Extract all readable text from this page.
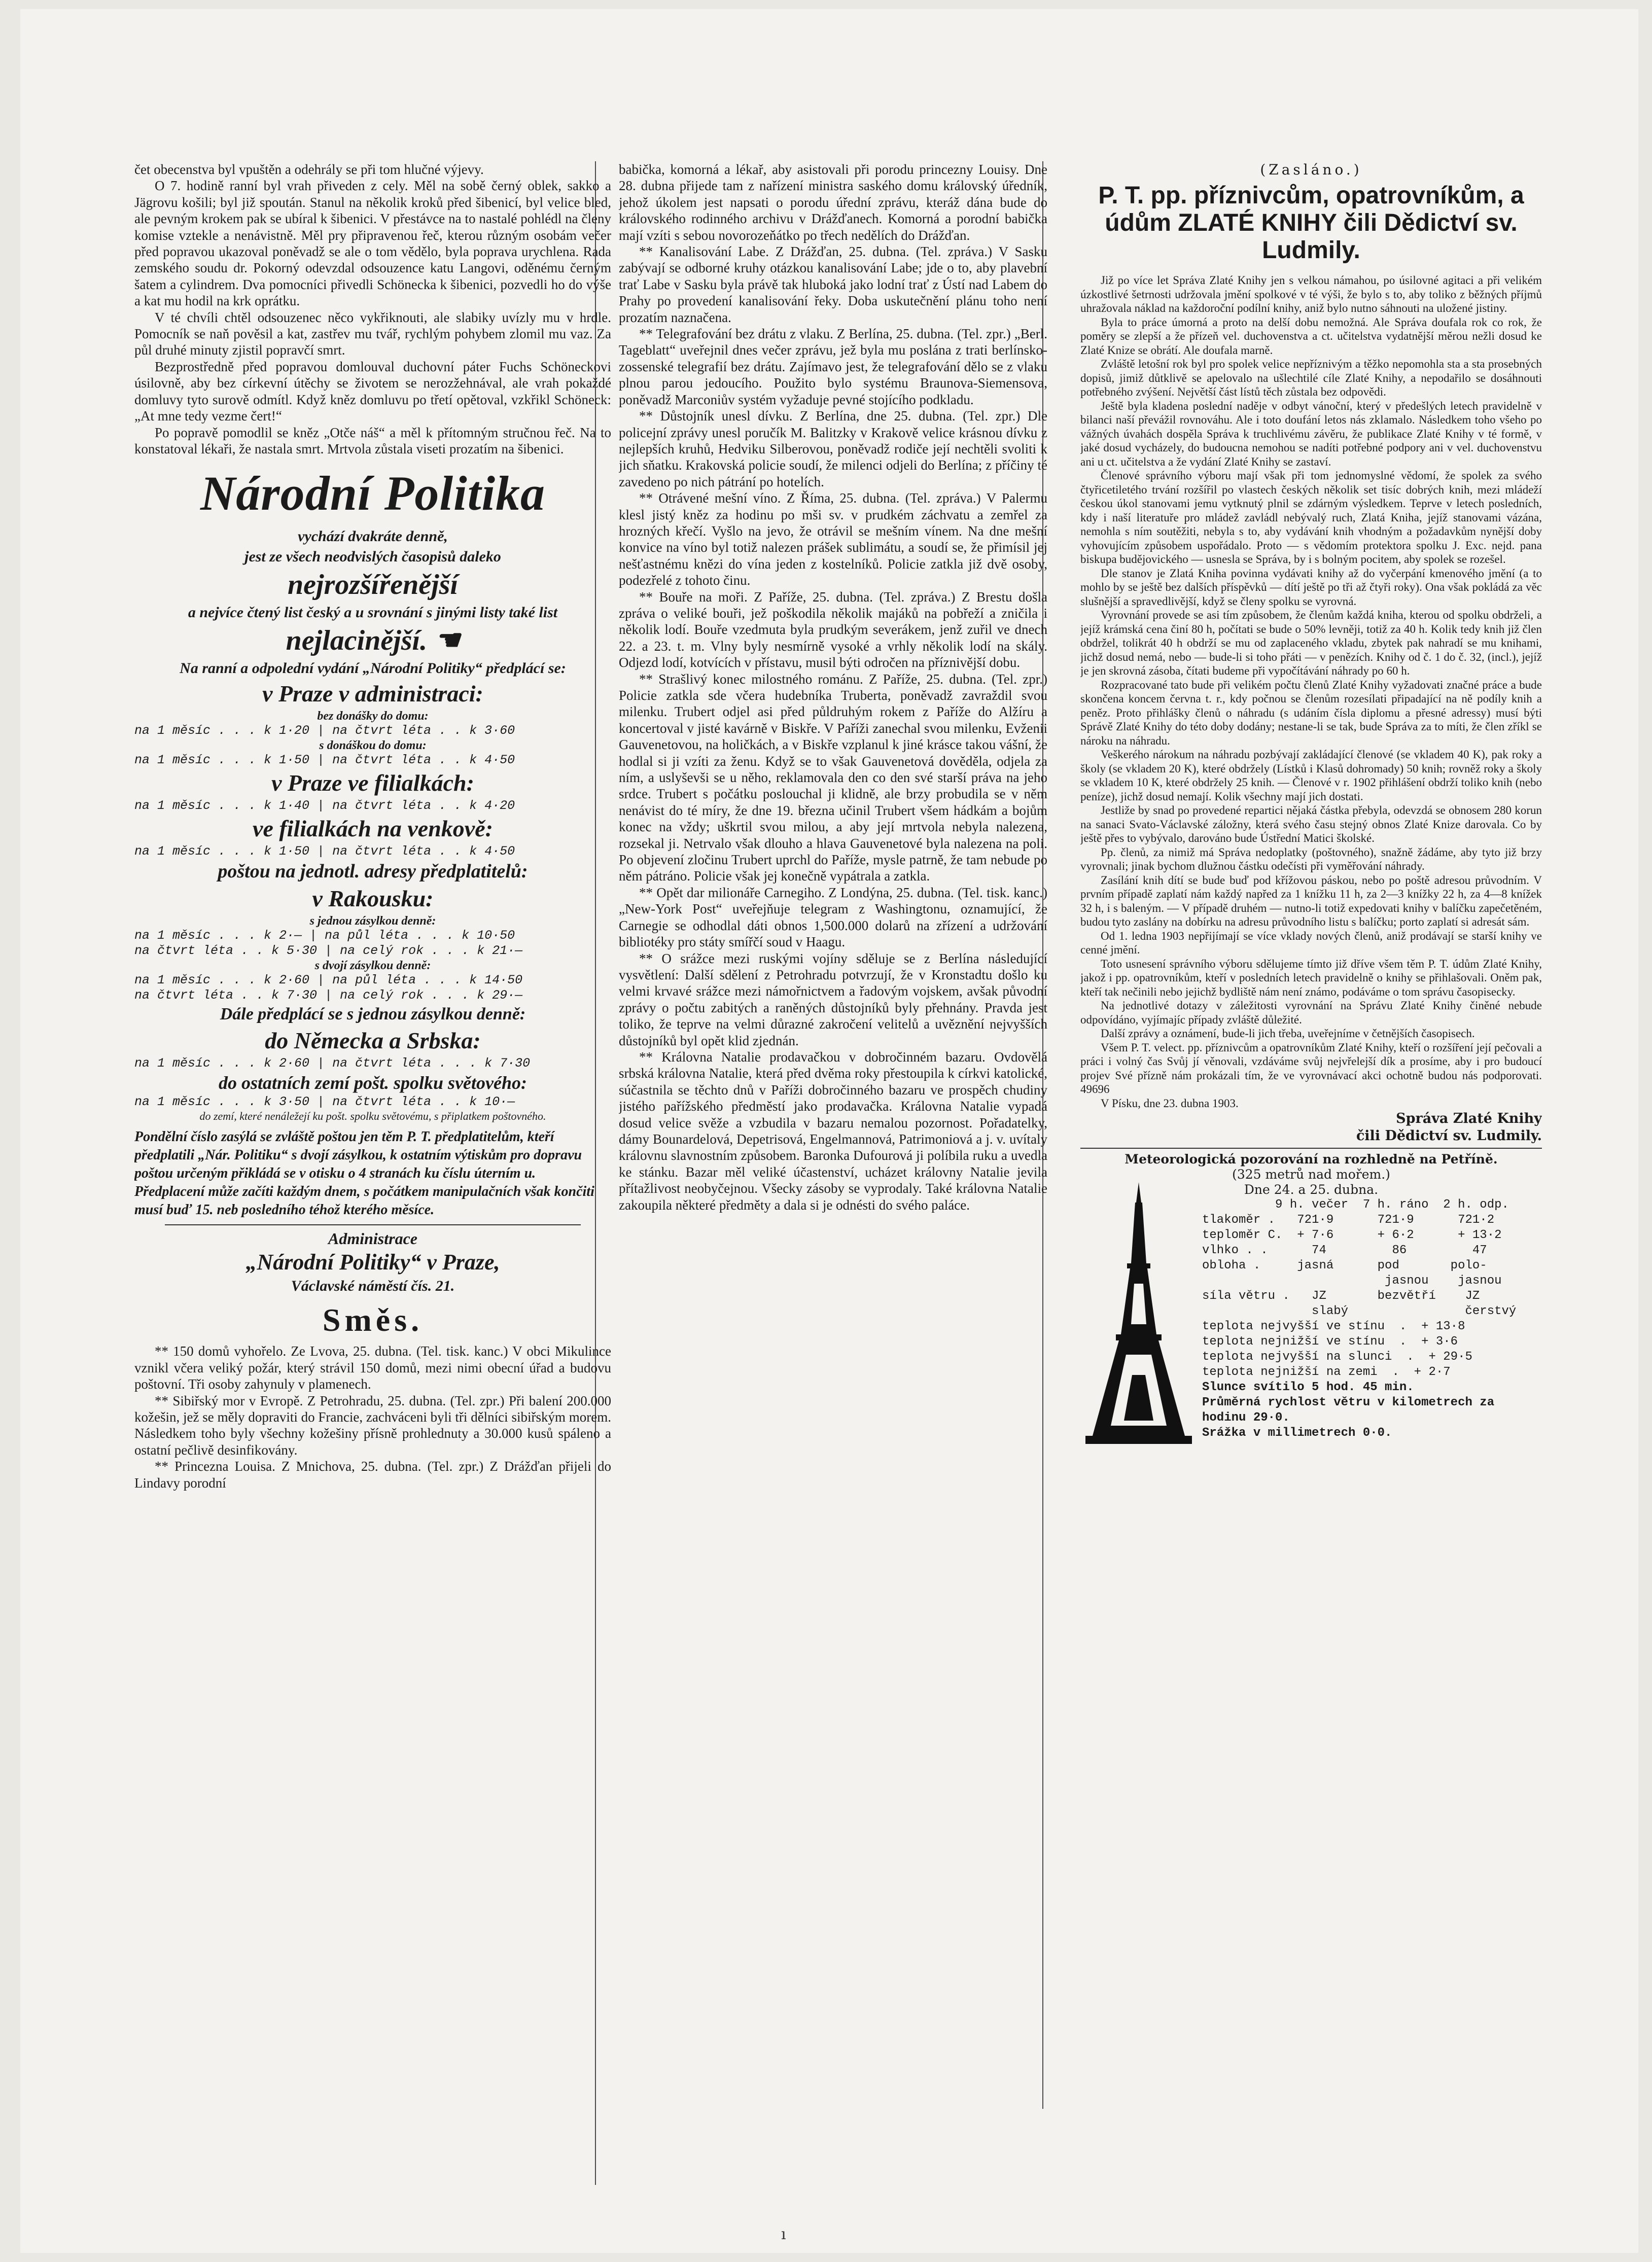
čet obecenstva byl vpuštěn a odehrály se při tom hlučné výjevy.

O 7. hodině ranní byl vrah přiveden z cely. Měl na sobě černý oblek, sakko a Jägrovu košili; byl již spoután. Stanul na několik kroků před šibenicí, byl velice bled, ale pevným krokem pak se ubíral k šibenici. V přestávce na to nastalé pohlédl na členy komise vztekle a nenávistně. Měl pry připravenou řeč, kterou různým osobám večer před popravou ukazoval poněvadž se ale o tom vědělo, byla poprava urychlena. Rada zemského soudu dr. Pokorný odevzdal odsouzence katu Langovi, oděnému černým šatem a cylindrem. Dva pomocníci přivedli Schönecka k šibenici, pozvedli ho do výše a kat mu hodil na krk oprátku.

V té chvíli chtěl odsouzenec něco vykřiknouti, ale slabiky uvízly mu v hrdle. Pomocník se naň pověsil a kat, zastřev mu tvář, rychlým pohybem zlomil mu vaz. Za půl druhé minuty zjistil popravčí smrt.

Bezprostředně před popravou domlouval duchovní páter Fuchs Schöneckovi úsilovně, aby bez církevní útěchy se životem se nerozžehnával, ale vrah pokaždé domluvy tyto surově odmítl. Když kněz domluvu po třetí opětoval, vzkřikl Schöneck: „At mne tedy vezme čert!“

Po popravě pomodlil se kněz „Otče náš“ a měl k přítomným stručnou řeč. Na to konstatoval lékaři, že nastala smrt. Mrtvola zůstala viseti prozatím na šibenici.

Národní Politika
vychází dvakráte denně,
jest ze všech neodvislých časopisů daleko
nejrozšířenější
a nejvíce čtený list český a u srovnání s jinými listy také list
nejlacinější. ☚
Na ranní a odpolední vydání „Národní Politiky“ předplácí se:
v Praze v administraci:
bez donášky do domu:
na 1 měsíc . . . k 1·20 | na čtvrt léta . . k 3·60
s donáškou do domu:
na 1 měsíc . . . k 1·50 | na čtvrt léta . . k 4·50
v Praze ve filialkách:
na 1 měsíc . . . k 1·40 | na čtvrt léta . . k 4·20
ve filialkách na venkově:
na 1 měsíc . . . k 1·50 | na čtvrt léta . . k 4·50
poštou na jednotl. adresy předplatitelů:
v Rakousku:
s jednou zásylkou denně:
na 1 měsíc . . . k 2·— | na půl léta . . . k 10·50
na čtvrt léta . . k 5·30 | na celý rok . . . k 21·—
s dvojí zásylkou denně:
na 1 měsíc . . . k 2·60 | na půl léta . . . k 14·50
na čtvrt léta . . k 7·30 | na celý rok . . . k 29·—
Dále předplácí se s jednou zásylkou denně:
do Německa a Srbska:
na 1 měsíc . . . k 2·60 | na čtvrt léta . . . k 7·30
do ostatních zemí pošt. spolku světového:
na 1 měsíc . . . k 3·50 | na čtvrt léta . . k 10·—
do zemí, které nenáležejí ku pošt. spolku světovému, s připlatkem poštovného.
Pondělní číslo zasýlá se zvláště poštou jen těm P. T. předplatitelům, kteří předplatili „Nár. Politiku“ s dvojí zásylkou, k ostatním výtiskům pro dopravu poštou určeným přikládá se v otisku o 4 stranách ku číslu úterním u.
Předplacení může začíti každým dnem, s počátkem manipulačních však končiti musí buď 15. neb posledního téhož kterého měsíce.
Administrace
„Národní Politiky“ v Praze,
Václavské náměstí čís. 21.
Směs.

** 150 domů vyhořelo. Ze Lvova, 25. dubna. (Tel. tisk. kanc.) V obci Mikulince vznikl včera veliký požár, který strávil 150 domů, mezi nimi obecní úřad a budovu poštovní. Tři osoby zahynuly v plamenech.

** Sibiřský mor v Evropě. Z Petrohradu, 25. dubna. (Tel. zpr.) Při balení 200.000 kožešin, jež se měly dopraviti do Francie, zachváceni byli tři dělníci sibiřským morem. Následkem toho byly všechny kožešiny přísně prohlednuty a 30.000 kusů spáleno a ostatní pečlivě desinfikovány.

** Princezna Louisa. Z Mnichova, 25. dubna. (Tel. zpr.) Z Drážďan přijeli do Lindavy porodní

babička, komorná a lékař, aby asistovali při porodu princezny Louisy. Dne 28. dubna přijede tam z nařízení ministra saského domu královský úředník, jehož úkolem jest napsati o porodu úřední zprávu, kteráž dána bude do královského rodinného archivu v Drážďanech. Komorná a porodní babička mají vzíti s sebou novorozeňátko po třech nedělích do Drážďan.

** Kanalisování Labe. Z Drážďan, 25. dubna. (Tel. zpráva.) V Sasku zabývají se odborné kruhy otázkou kanalisování Labe; jde o to, aby plavební trať Labe v Sasku byla právě tak hluboká jako lodní trať z Ústí nad Labem do Prahy po provedení kanalisování řeky. Doba uskutečnění plánu toho není prozatím naznačena.

** Telegrafování bez drátu z vlaku. Z Berlína, 25. dubna. (Tel. zpr.) „Berl. Tageblatt“ uveřejnil dnes večer zprávu, jež byla mu poslána z trati berlínsko-zossenské telegrafií bez drátu. Zajímavo jest, že telegrafování dělo se z vlaku plnou parou jedoucího. Použito bylo systému Braunova-Siemensova, poněvadž Marconiův systém vyžaduje pevné stojícího podkladu.

** Důstojník unesl dívku. Z Berlína, dne 25. dubna. (Tel. zpr.) Dle policejní zprávy unesl poručík M. Balitzky v Krakově velice krásnou dívku z nejlepších kruhů, Hedviku Silberovou, poněvadž rodiče její nechtěli svoliti k jich sňatku. Krakovská policie soudí, že milenci odjeli do Berlína; z příčiny té zavedeno po nich pátrání po hotelích.

** Otrávené mešní víno. Z Říma, 25. dubna. (Tel. zpráva.) V Palermu klesl jistý kněz za hodinu po mši sv. v prudkém záchvatu a zemřel za hrozných křečí. Vyšlo na jevo, že otrávil se mešním vínem. Na dne mešní konvice na víno byl totiž nalezen prášek sublimátu, a soudí se, že přimísil jej nešťastnému knězi do vína jeden z kostelníků. Policie zatkla již dvě osoby, podezřelé z tohoto činu.

** Bouře na moři. Z Paříže, 25. dubna. (Tel. zpráva.) Z Brestu došla zpráva o veliké bouři, jež poškodila několik majáků na pobřeží a zničila i několik lodí. Bouře vzedmuta byla prudkým severákem, jenž zuřil ve dnech 22. a 23. t. m. Vlny byly nesmírně vysoké a vrhly několik lodí na skály. Odjezd lodí, kotvících v přístavu, musil býti odročen na příznivější dobu.

** Strašlivý konec milostného románu. Z Paříže, 25. dubna. (Tel. zpr.) Policie zatkla sde včera hudebníka Truberta, poněvadž zavraždil svou milenku. Trubert odjel asi před půldruhým rokem z Paříže do Alžíru a koncertoval v jisté kavárně v Biskře. V Paříži zanechal svou milenku, Evženii Gauvenetovou, na holičkách, a v Biskře vzplanul k jiné krásce takou vášní, že hodlal si ji vzíti za ženu. Když se to však Gauvenetová dověděla, odjela za ním, a uslyševši se u něho, reklamovala den co den své starší práva na jeho srdce. Trubert s počátku poslouchal ji klidně, ale brzy probudila se v něm nenávist do té míry, že dne 19. března učinil Trubert všem hádkám a bojům konec na vždy; uškrtil svou milou, a aby její mrtvola nebyla nalezena, rozsekal ji. Netrvalo však dlouho a hlava Gauvenetové byla nalezena na poli. Po objevení zločinu Trubert uprchl do Paříže, mysle patrně, že tam nebude po něm pátráno. Policie však jej konečně vypátrala a zatkla.

** Opět dar milionáře Carnegiho. Z Londýna, 25. dubna. (Tel. tisk. kanc.) „New-York Post“ uveřejňuje telegram z Washingtonu, oznamující, že Carnegie se odhodlal dáti obnos 1,500.000 dolarů na zřízení a udržování bibliotéky pro státy smířčí soud v Haagu.

** O srážce mezi ruskými vojíny sděluje se z Berlína následující vysvětlení: Další sdělení z Petrohradu potvrzují, že v Kronstadtu došlo ku velmi krvavé srážce mezi námořnictvem a řadovým vojskem, avšak původní zprávy o počtu zabitých a raněných důstojníků byly přehnány. Pravda jest toliko, že teprve na velmi důrazné zakročení velitelů a uvěznění nejvyšších důstojníků byl opět klid zjednán.

** Královna Natalie prodavačkou v dobročinném bazaru. Ovdovělá srbská královna Natalie, která před dvěma roky přestoupila k církvi katolické, súčastnila se těchto dnů v Paříži dobročinného bazaru ve prospěch chudiny jistého pařížského předměstí jako prodavačka. Královna Natalie vypadá dosud velice svěže a vzbudila v bazaru nemalou pozornost. Pořadatelky, dámy Bounardelová, Depetrisová, Engelmannová, Patrimoniová a j. v. uvítaly královnu slavnostním způsobem. Baronka Dufourová ji políbila ruku a uvedla ke stánku. Bazar měl veliké účastenství, ucházet královny Natalie jevila přítažlivost neobyčejnou. Všecky zásoby se vyprodaly. Také královna Natalie zakoupila některé předměty a dala si je odnésti do svého paláce.

(Zasláno.)
P. T. pp. příznivcům, opatrovníkům, a údům ZLATÉ KNIHY čili Dědictví sv. Ludmily.

Již po více let Správa Zlaté Knihy jen s velkou námahou, po úsilovné agitaci a při velikém úzkostlivé šetrnosti udržovala jmění spolkové v té výši, že bylo s to, aby toliko z běžných příjmů uhražovala náklad na každoroční podílní knihy, aniž bylo nutno sáhnouti na uložené jistiny.

Byla to práce úmorná a proto na delší dobu nemožná. Ale Správa doufala rok co rok, že poměry se zlepší a že přízeň vel. duchovenstva a ct. učitelstva vydatnější měrou nežli dosud ke Zlaté Knize se obrátí. Ale doufala marně.

Zvláště letošní rok byl pro spolek velice nepříznivým a těžko nepomohla sta a sta prosebných dopisů, jimiž důtklivě se apelovalo na ušlechtilé cíle Zlaté Knihy, a nepodařilo se dosáhnouti potřebného zvýšení. Největší část lístů těch zůstala bez odpovědi.

Ještě byla kladena poslední naděje v odbyt vánoční, který v předešlých letech pravidelně v bilanci naší převážil rovnováhu. Ale i toto doufání letos nás zklamalo. Následkem toho všeho po vážných úvahách dospěla Správa k truchlivému závěru, že publikace Zlaté Knihy v té formě, v jaké dosud vycházely, do budoucna nemohou se nadíti potřebné podpory ani v vel. duchovenstvu ani u ct. učitelstva a že vydání Zlaté Knihy se zastaví.

Členové správního výboru mají však při tom jednomyslné vědomí, že spolek za svého čtyřicetiletého trvání rozšířil po vlastech českých několik set tisíc dobrých knih, mezi mládeží českou úkol stanovami jemu vytknutý plnil se zdárným výsledkem. Teprve v letech posledních, kdy i naší literatuře pro mládež zavládl nebývalý ruch, Zlatá Kniha, jejíž stanovami vázána, nemohla s ním soutěžiti, nebyla s to, aby vydávání knih vhodným a požadavkům nynější doby vyhovujícím způsobem uspořádalo. Proto — s vědomím protektora spolku J. Exc. nejd. pana biskupa budějovického — usnesla se Správa, by i s bolným pocitem, aby spolek se rozešel.

Dle stanov je Zlatá Kniha povinna vydávati knihy až do vyčerpání kmenového jmění (a to mohlo by se ještě bez dalších příspěvků — dítí ještě po tři až čtyři roky). Ona však pokládá za věc slušnější a spravedlivější, když se členy spolku se vyrovná.

Vyrovnání provede se asi tím způsobem, že členům každá kniha, kterou od spolku obdrželi, a jejíž krámská cena činí 80 h, počítati se bude o 50% levněji, totiž za 40 h. Kolik tedy knih již člen obdržel, tolikrát 40 h obdrží se mu od zaplaceného vkladu, zbytek pak nahradí se mu knihami, jichž dosud nemá, nebo — bude-li si toho přáti — v penězích. Knihy od č. 1 do č. 32, (incl.), jejíž je jen skrovná zásoba, čítati budeme při vypočítávání náhrady po 60 h.

Rozpracované tato bude při velikém počtu členů Zlaté Knihy vyžadovati značné práce a bude skončena koncem června t. r., kdy počnou se členům rozesílati připadající na ně podíly knih a peněz. Proto přihlášky členů o náhradu (s udáním čísla diplomu a přesné adressy) musí býti Správě Zlaté Knihy do této doby dodány; nestane-li se tak, bude Správa za to míti, že člen zříkl se nároku na náhradu.

Veškerého nárokum na náhradu pozbývají zakládající členové (se vkladem 40 K), pak roky a školy (se vkladem 20 K), které obdržely (Lístků i Klasů dohromady) 50 knih; rovněž roky a školy se vkladem 10 K, které obdržely 25 knih. — Členové v r. 1902 přihlášení obdrží toliko knih (nebo peníze), jichž dosud nemají. Kolik všechny mají jich dostati.

Jestliže by snad po provedené repartici nějaká částka přebyla, odevzdá se obnosem 280 korun na sanaci Svato-Václavské záložny, která svého času stejný obnos Zlaté Knize darovala. Co by ještě přes to vybývalo, darováno bude Ústřední Matici školské.

Pp. členů, za nimiž má Správa nedoplatky (poštovného), snažně žádáme, aby tyto již brzy vyrovnali; jinak bychom dlužnou částku odečísti při vyměřování náhrady.

Zasílání knih dítí se bude buď pod křížovou páskou, nebo po poště adresou průvodním. V prvním případě zaplatí nám každý napřed za 1 knížku 11 h, za 2—3 knížky 22 h, za 4—8 knížek 32 h, i s baleným. — V případě druhém — nutno-li totiž expedovati knihy v balíčku zapečetěném, budou tyto zaslány na dobírku na adresu průvodního listu s balíčku; porto zaplatí si adresát sám.

Od 1. ledna 1903 nepřijímají se více vklady nových členů, aniž prodávají se starší knihy ve cenné jmění.

Toto usnesení správního výboru sdělujeme tímto již dříve všem těm P. T. údům Zlaté Knihy, jakož i pp. opatrovníkům, kteří v posledních letech pravidelně o knihy se přihlašovali. Oněm pak, kteří tak nečinili nebo jejichž bydliště nám není známo, podáváme o tom správu časopisecky.

Na jednotlivé dotazy v záležitosti vyrovnání na Správu Zlaté Knihy činěné nebude odpovídáno, vyjímajíc případy zvláště důležité.

Další zprávy a oznámení, bude-li jich třeba, uveřejníme v četnějších časopisech.

Všem P. T. velect. pp. příznivcům a opatrovníkům Zlaté Knihy, kteří o rozšíření její pečovali a práci i volný čas Svůj jí věnovali, vzdáváme svůj nejvřelejší dík a prosíme, aby i pro budoucí projev Své přízně nám prokázali tím, že ve vyrovnávací akci ochotně budou nás podporovati. 49696

V Písku, dne 23. dubna 1903.

Správa Zlaté Knihy
čili Dědictví sv. Ludmily.
Meteorologická pozorování na rozhledně na Petříně.
(325 metrů nad mořem.)
Dne 24. a 25. dubna.
9 h. večer  7 h. ráno  2 h. odp.
tlakoměr .   721·9      721·9      721·2
teploměr C.  + 7·6      + 6·2      + 13·2
vlhko . .      74         86         47
obloha .     jasná      pod       polo-
jasnou    jasnou
síla větru .   JZ       bezvětří    JZ
slabý                čerstvý
teplota nejvyšší ve stínu  .  + 13·8
teplota nejnižší ve stínu  .  + 3·6
teplota nejvyšší na slunci  .  + 29·5
teplota nejnižší na zemi  .  + 2·7
Slunce svítilo 5 hod. 45 min.
Průměrná rychlost větru v kilometrech za hodinu 29·0.
Srážka v millimetrech 0·0.
ı
